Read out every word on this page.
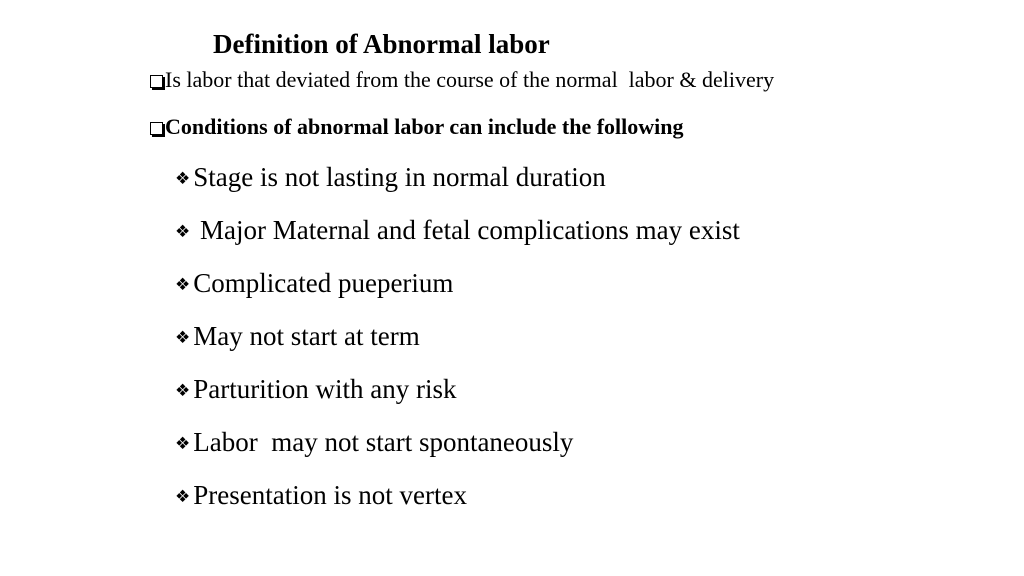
Definition of Abnormal labor
Is labor that deviated from the course of the normal  labor & delivery
Conditions of abnormal labor can include the following
❖ Stage is not lasting in normal duration
❖ Major Maternal and fetal complications may exist
❖ Complicated pueperium
❖ May not start at term
❖ Parturition with any risk
❖ Labor  may not start spontaneously
❖ Presentation is not vertex
